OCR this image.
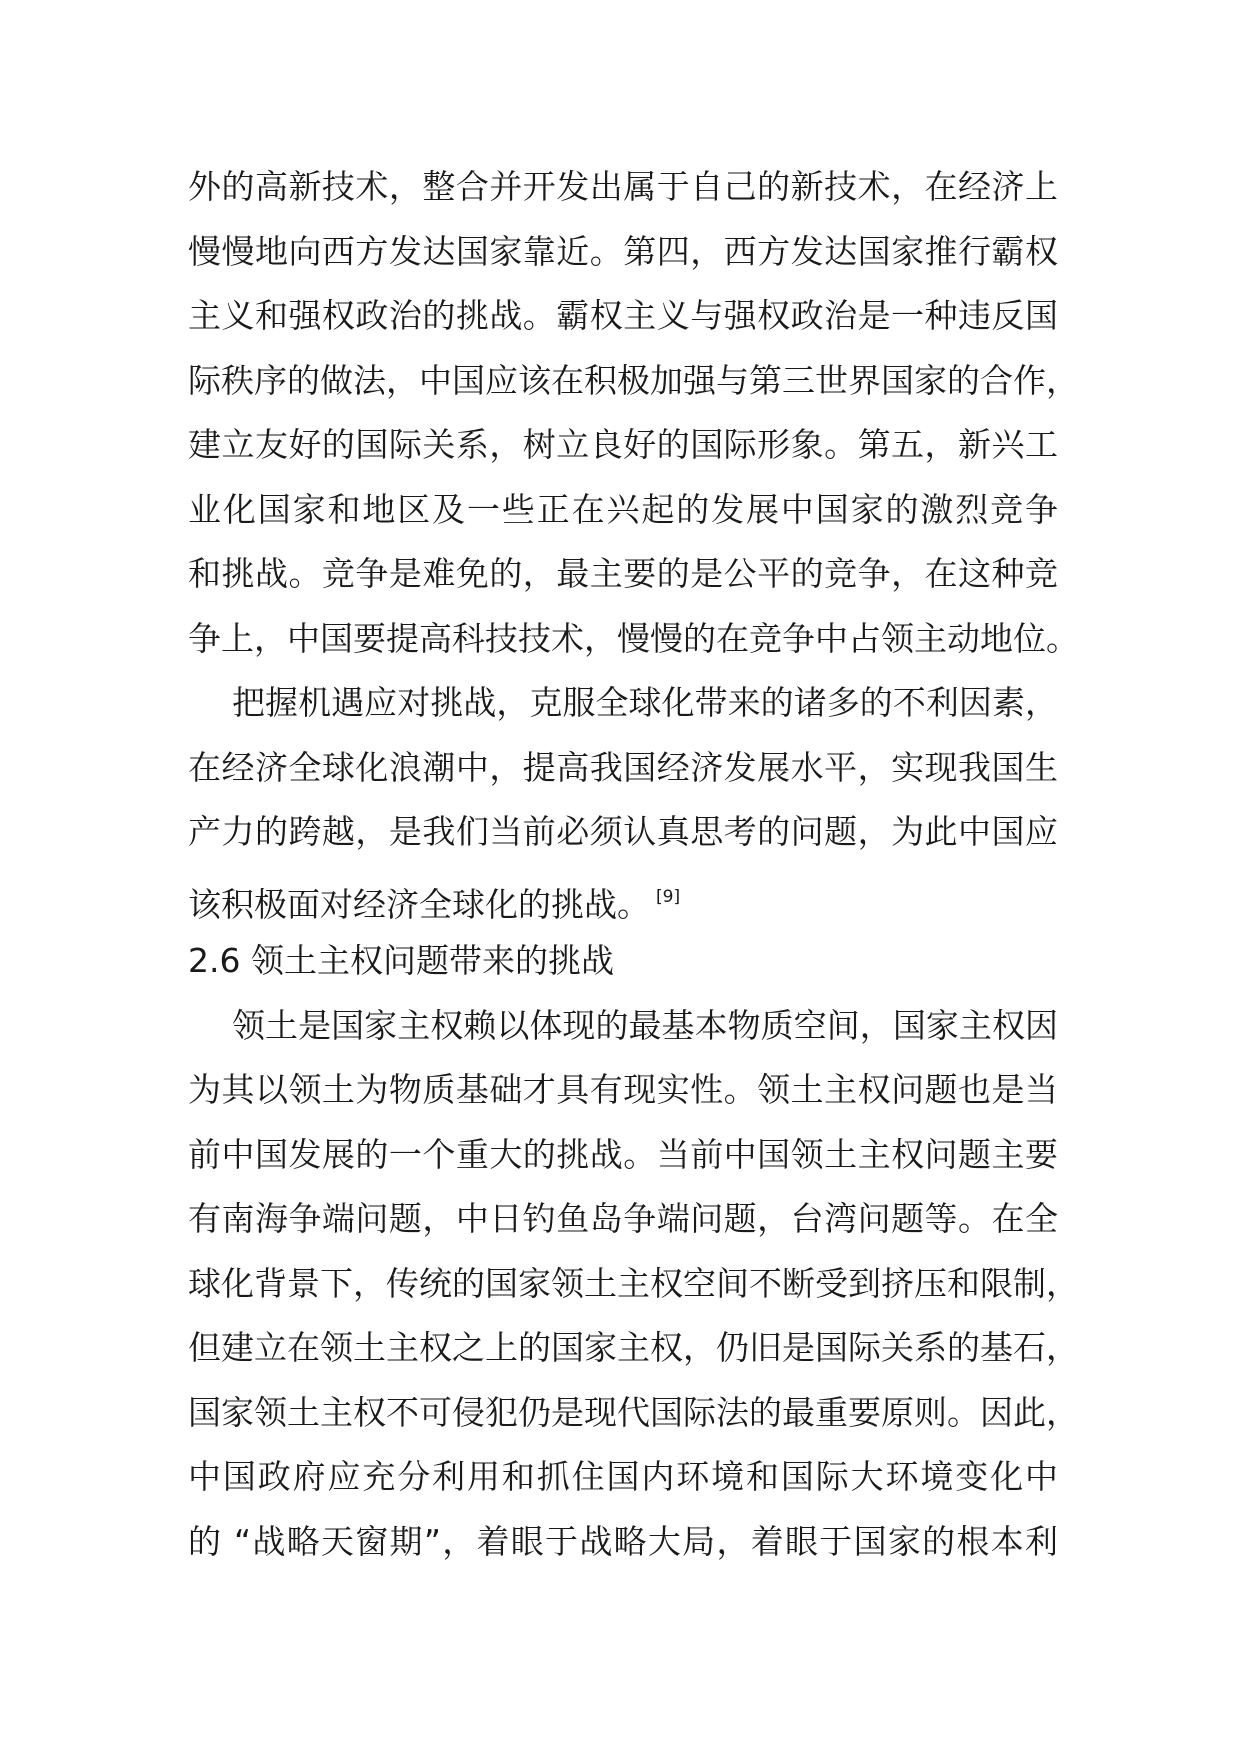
外的高新技术，整合并开发出属于自己的新技术，在经济上
慢慢地向西方发达国家靠近。第四，西方发达国家推行霸权
主义和强权政治的挑战。霸权主义与强权政治是一种违反国
际秩序的做法，中国应该在积极加强与第三世界国家的合作，
建立友好的国际关系，树立良好的国际形象。第五，新兴工
业化国家和地区及一些正在兴起的发展中国家的激烈竞争
和挑战。竞争是难免的，最主要的是公平的竞争，在这种竞
争上，中国要提高科技技术，慢慢的在竞争中占领主动地位。
把握机遇应对挑战，克服全球化带来的诸多的不利因素，
在经济全球化浪潮中，提高我国经济发展水平，实现我国生
产力的跨越，是我们当前必须认真思考的问题，为此中国应
该积极面对经济全球化的挑战。 [9]
2.6 领土主权问题带来的挑战
领土是国家主权赖以体现的最基本物质空间，国家主权因
为其以领土为物质基础才具有现实性。领土主权问题也是当
前中国发展的一个重大的挑战。当前中国领土主权问题主要
有南海争端问题，中日钓鱼岛争端问题，台湾问题等。在全
球化背景下，传统的国家领土主权空间不断受到挤压和限制，
但建立在领土主权之上的国家主权，仍旧是国际关系的基石，
国家领土主权不可侵犯仍是现代国际法的最重要原则。因此，
中国政府应充分利用和抓住国内环境和国际大环境变化中
的 “战略天窗期”，着眼于战略大局，着眼于国家的根本利
